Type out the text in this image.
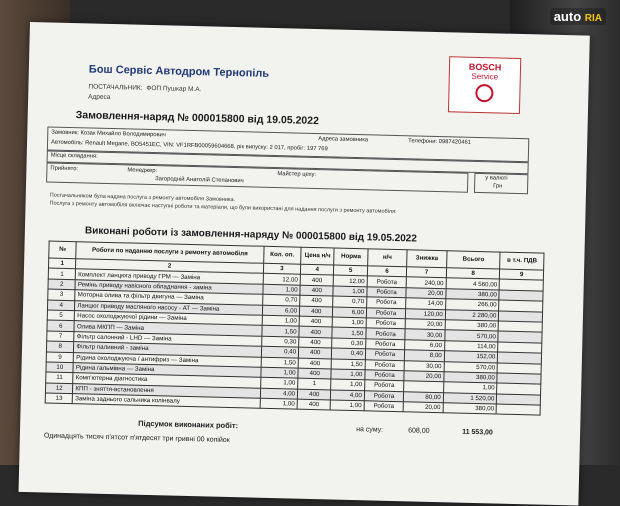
Бош Сервіс Автодром Тернопіль
ПОСТАЧАЛЬНИК: ФОП Пушкар М.А.
Адреса
BOSCH
Service
Замовлення-наряд № 000015800 від 19.05.2022
Замовник: Козак Михайло Володимирович
Адреса замовника	Телефони: 0987420461
Автомобіль: Renault Megane, ВО5451ЕС, VIN: VF1RFB00059604668, рік випуску: 2 017, пробіг: 197 769
Місце складання:
Прийнято:	Менеджер:
Загородній Анатолій Степанович
Майстер цеху:
у валюті
Грн
Постачальником була надана послуга з ремонту автомобіля Замовника.
Послуга з ремонту автомобіля включає наступні роботи та матеріали, що були використані для надання послуги з ремонту автомобіля:
Виконані роботи із замовлення-наряду № 000015800 від 19.05.2022
№	Роботи по наданню послуги з ремонту автомобіля	Кол. оп.	Цена н/ч	Норма	н/ч	Знижка	Всього	в т.ч. ПДВ
1	2	3	4	5	6	7	8	9
1	Комплект ланцюга приводу ГРМ — Заміна	12,00	400	12,00	Робота	240,00	4 560,00	
2	Ремінь приводу навісного обладнання - заміна	1,00	400	1,00	Робота	20,00	380,00	
3	Моторна олива та фільтр двигуна — Заміна	0,70	400	0,70	Робота	14,00	266,00	
4	Ланцюг приводу масляного насосу - АТ — Заміна	6,00	400	6,00	Робота	120,00	2 280,00	
5	Насос охолоджуючої рідини — Заміна	1,00	400	1,00	Робота	20,00	380,00	
6	Олива МКПП — Заміна	1,50	400	1,50	Робота	30,00	570,00	
7	Фільтр салонний - LHD — Заміна	0,30	400	0,30	Робота	6,00	114,00	
8	Фільтр паливний - заміна	0,40	400	0,40	Робота	8,00	152,00	
9	Рідина охолоджуюча / антифриз — Заміна	1,50	400	1,50	Робота	30,00	570,00	
10	Рідина гальмівна — Заміна	1,00	400	1,00	Робота	20,00	380,00	
11	Комп'ютерна діагностика	1,00	1	1,00	Робота		1,00	
12	КПП - зняття-встановлення	4,00	400	4,00	Робота	80,00	1 520,00	
13	Заміна заднього сальника колінвалу	1,00	400	1,00	Робота	20,00	380,00	
Підсумок виконаних робіт:	на суму:	608,00	11 553,00
Одинадцять тисяч п'ятсот п'ятдесят три гривні 00 копійок
auto RIA
